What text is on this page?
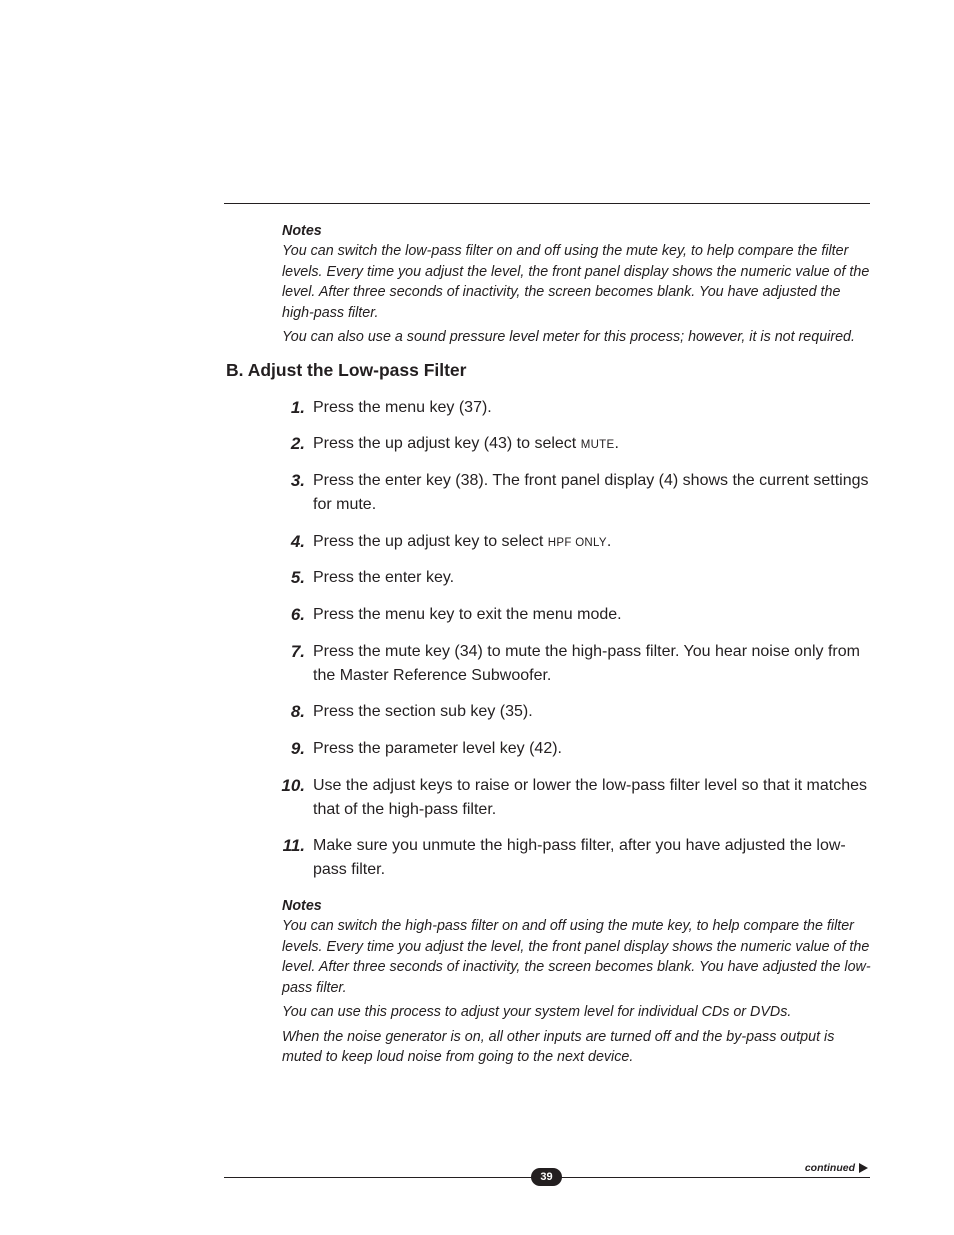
Notes

You can switch the low-pass filter on and off using the mute key, to help compare the filter levels. Every time you adjust the level, the front panel display shows the numeric value of the level. After three seconds of inactivity, the screen becomes blank. You have adjusted the high-pass filter.

You can also use a sound pressure level meter for this process; however, it is not required.

B. Adjust the Low-pass Filter
1. Press the menu key (37).
2. Press the up adjust key (43) to select MUTE.
3. Press the enter key (38). The front panel display (4) shows the current settings for mute.
4. Press the up adjust key to select HPF ONLY.
5. Press the enter key.
6. Press the menu key to exit the menu mode.
7. Press the mute key (34) to mute the high-pass filter. You hear noise only from the Master Reference Subwoofer.
8. Press the section sub key (35).
9. Press the parameter level key (42).
10. Use the adjust keys to raise or lower the low-pass filter level so that it matches that of the high-pass filter.
11. Make sure you unmute the high-pass filter, after you have adjusted the low-pass filter.
Notes

You can switch the high-pass filter on and off using the mute key, to help compare the filter levels. Every time you adjust the level, the front panel display shows the numeric value of the level. After three seconds of inactivity, the screen becomes blank. You have adjusted the low-pass filter.

You can use this process to adjust your system level for individual CDs or DVDs.

When the noise generator is on, all other inputs are turned off and the by-pass output is muted to keep loud noise from going to the next device.

continued
39
